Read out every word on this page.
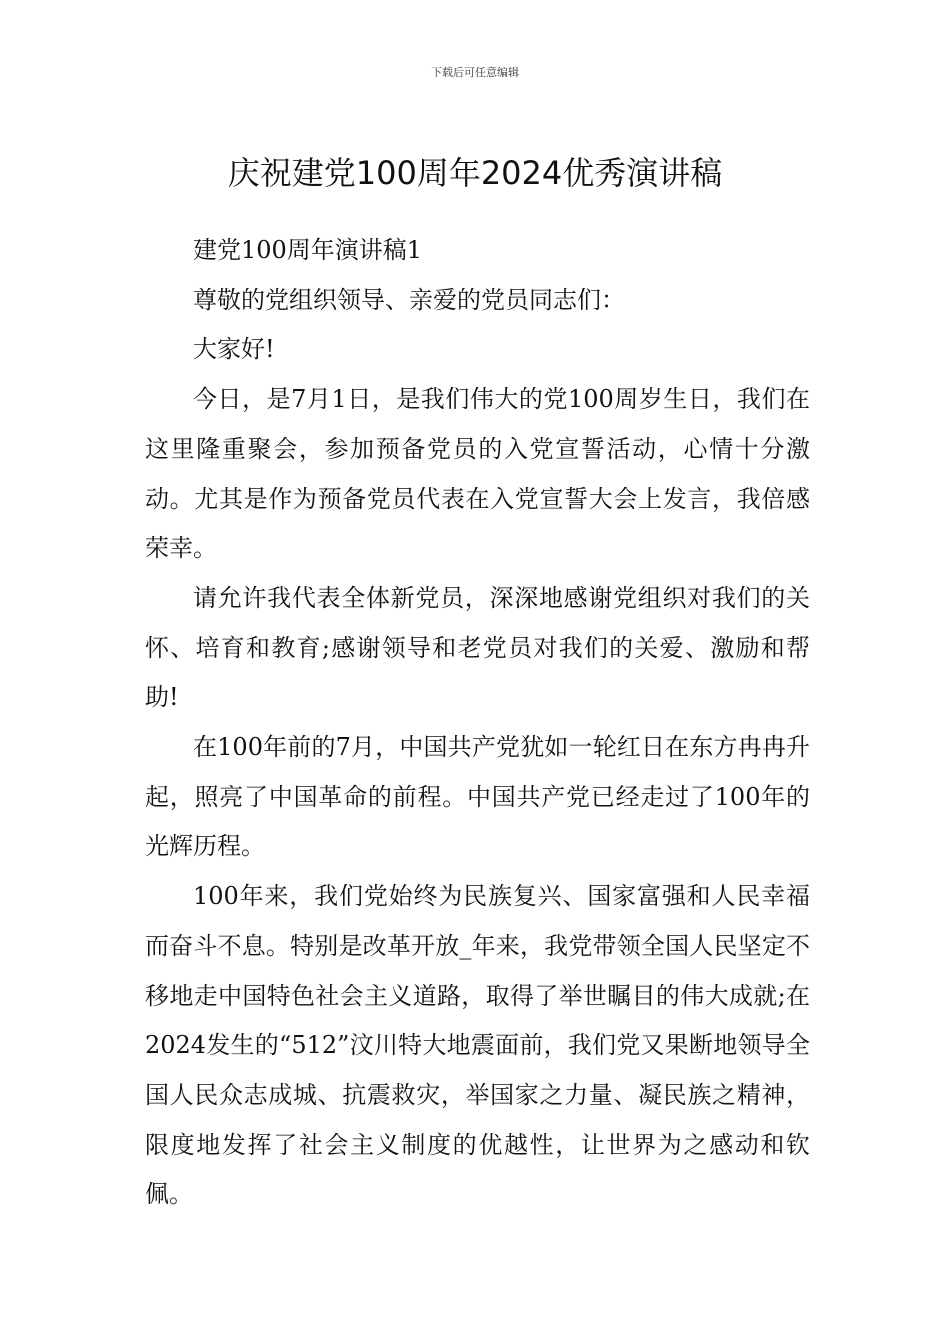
下载后可任意编辑
庆祝建党100周年2024优秀演讲稿

建党100周年演讲稿1

尊敬的党组织领导、亲爱的党员同志们：

大家好!

今日，是7月1日，是我们伟大的党100周岁生日，我们在这里隆重聚会，参加预备党员的入党宣誓活动，心情十分激动。尤其是作为预备党员代表在入党宣誓大会上发言，我倍感荣幸。

请允许我代表全体新党员，深深地感谢党组织对我们的关怀、培育和教育;感谢领导和老党员对我们的关爱、激励和帮助!

在100年前的7月，中国共产党犹如一轮红日在东方冉冉升起，照亮了中国革命的前程。中国共产党已经走过了100年的光辉历程。

100年来，我们党始终为民族复兴、国家富强和人民幸福而奋斗不息。特别是改革开放_年来，我党带领全国人民坚定不移地走中国特色社会主义道路，取得了举世瞩目的伟大成就;在2024发生的“512”汶川特大地震面前，我们党又果断地领导全国人民众志成城、抗震救灾，举国家之力量、凝民族之精神，限度地发挥了社会主义制度的优越性，让世界为之感动和钦佩。
